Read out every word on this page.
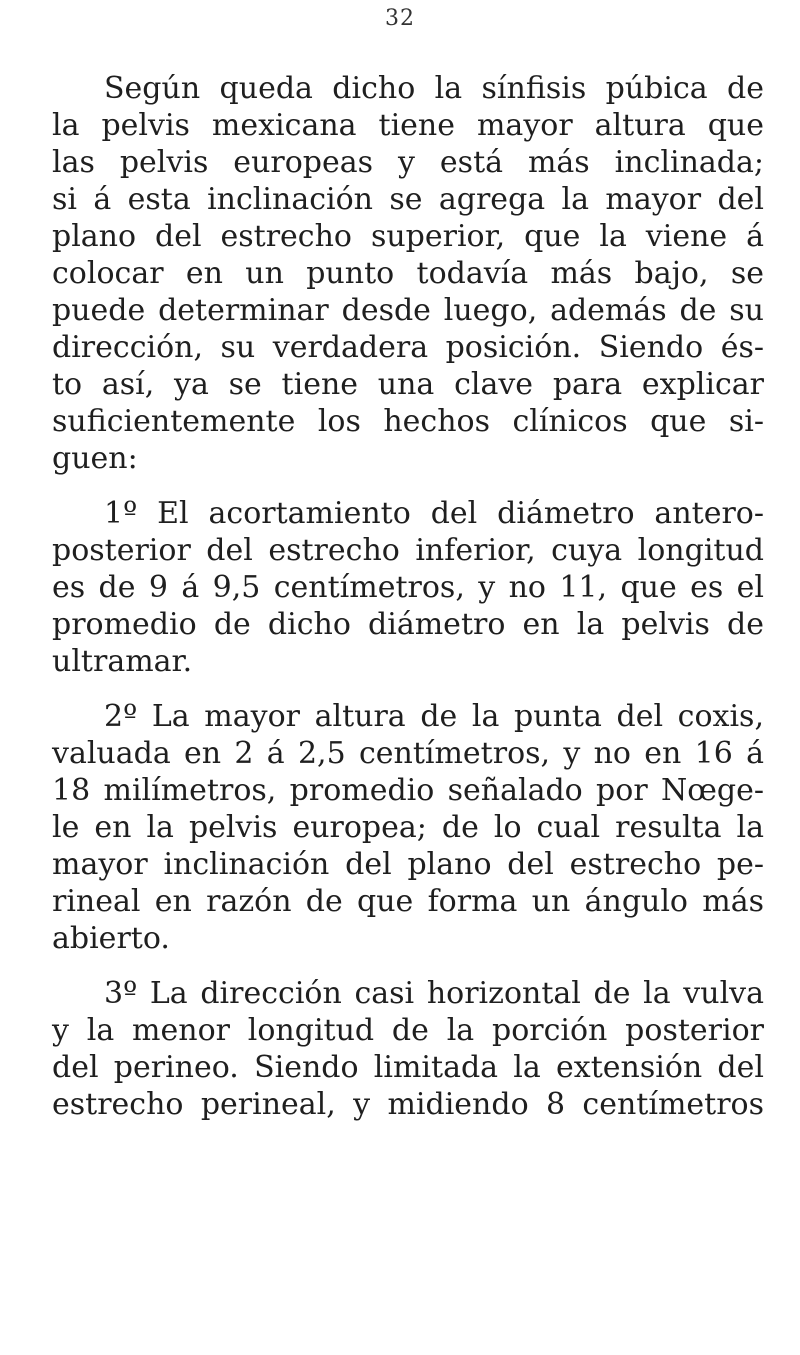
32
Según queda dicho la sínfisis púbica de
la pelvis mexicana tiene mayor altura que
las pelvis europeas y está más inclinada;
si á esta inclinación se agrega la mayor del
plano del estrecho superior, que la viene á
colocar en un punto todavía más bajo, se
puede determinar desde luego, además de su
dirección, su verdadera posición. Siendo és-
to así, ya se tiene una clave para explicar
suficientemente los hechos clínicos que si-
guen:
1º El acortamiento del diámetro antero-
posterior del estrecho inferior, cuya longitud
es de 9 á 9,5 centímetros, y no 11, que es el
promedio de dicho diámetro en la pelvis de
ultramar.
2º La mayor altura de la punta del coxis,
valuada en 2 á 2,5 centímetros, y no en 16 á
18 milímetros, promedio señalado por Nœge-
le en la pelvis europea; de lo cual resulta la
mayor inclinación del plano del estrecho pe-
rineal en razón de que forma un ángulo más
abierto.
3º La dirección casi horizontal de la vulva
y la menor longitud de la porción posterior
del perineo. Siendo limitada la extensión del
estrecho perineal, y midiendo 8 centímetros
